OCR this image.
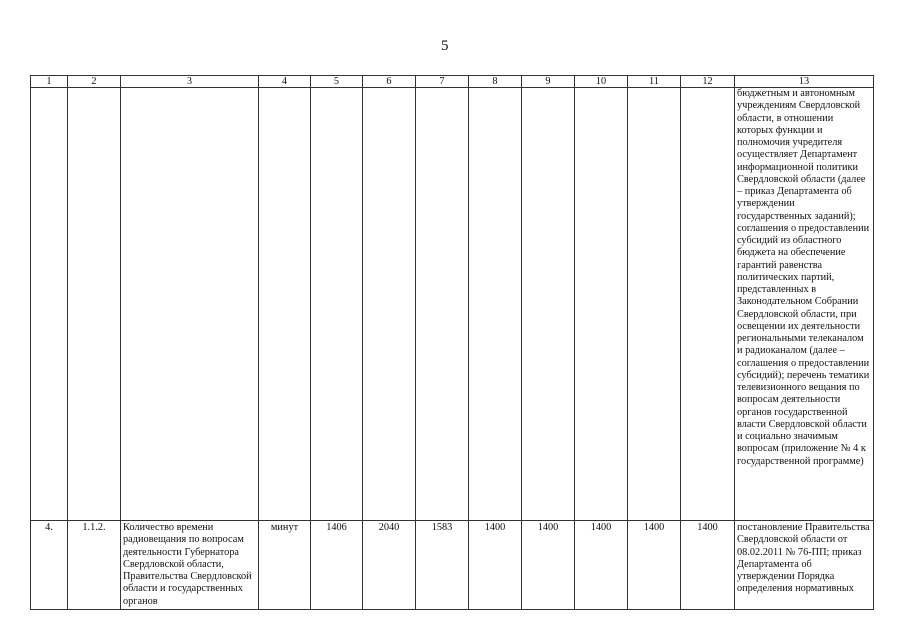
5
1	2	3	4	5	6	7	8	9	10	11	12	13
												бюджетным и автономным учреждениям Свердловской области, в отношении которых функции и полномочия учредителя осуществляет Департамент информационной политики Свердловской области (далее – приказ Департамента об утверждении государственных заданий); соглашения о предоставлении субсидий из областного бюджета на обеспечение гарантий равенства политических партий, представленных в Законодательном Собрании Свердловской области, при освещении их деятельности региональными телеканалом и радиоканалом (далее – соглашения о предоставлении субсидий); перечень тематики телевизионного вещания по вопросам деятельности органов государственной власти Свердловской области и социально значимым вопросам (приложение № 4 к государственной программе)
4.	1.1.2.	Количество времени радиовещания по вопросам деятельности Губернатора Свердловской области, Правительства Свердловской области и государственных органов	минут	1406	2040	1583	1400	1400	1400	1400	1400	постановление Правительства Свердловской области от 08.02.2011 № 76-ПП; приказ Департамента об утверждении Порядка определения нормативных
